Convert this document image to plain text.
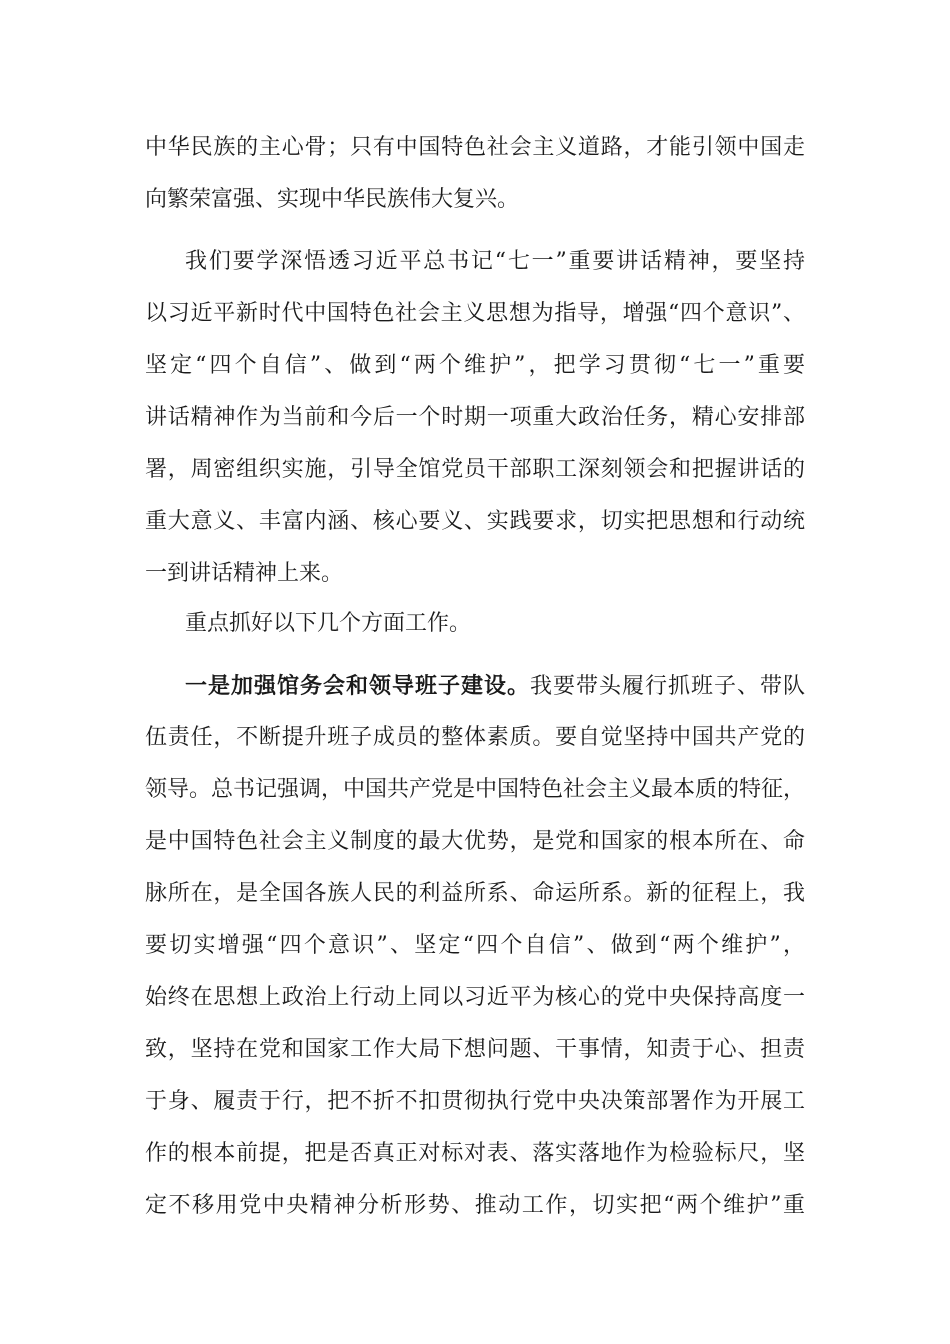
中华民族的主心骨；只有中国特色社会主义道路，才能引领中国走
向繁荣富强、实现中华民族伟大复兴。
我们要学深悟透习近平总书记“七一”重要讲话精神，要坚持
以习近平新时代中国特色社会主义思想为指导，增强“四个意识”、
坚定“四个自信”、做到“两个维护”，把学习贯彻“七一”重要
讲话精神作为当前和今后一个时期一项重大政治任务，精心安排部
署，周密组织实施，引导全馆党员干部职工深刻领会和把握讲话的
重大意义、丰富内涵、核心要义、实践要求，切实把思想和行动统
一到讲话精神上来。
重点抓好以下几个方面工作。
一是加强馆务会和领导班子建设。我要带头履行抓班子、带队
伍责任，不断提升班子成员的整体素质。要自觉坚持中国共产党的
领导。总书记强调，中国共产党是中国特色社会主义最本质的特征，
是中国特色社会主义制度的最大优势，是党和国家的根本所在、命
脉所在，是全国各族人民的利益所系、命运所系。新的征程上，我
要切实增强“四个意识”、坚定“四个自信”、做到“两个维护”，
始终在思想上政治上行动上同以习近平为核心的党中央保持高度一
致，坚持在党和国家工作大局下想问题、干事情，知责于心、担责
于身、履责于行，把不折不扣贯彻执行党中央决策部署作为开展工
作的根本前提，把是否真正对标对表、落实落地作为检验标尺，坚
定不移用党中央精神分析形势、推动工作，切实把“两个维护”重
